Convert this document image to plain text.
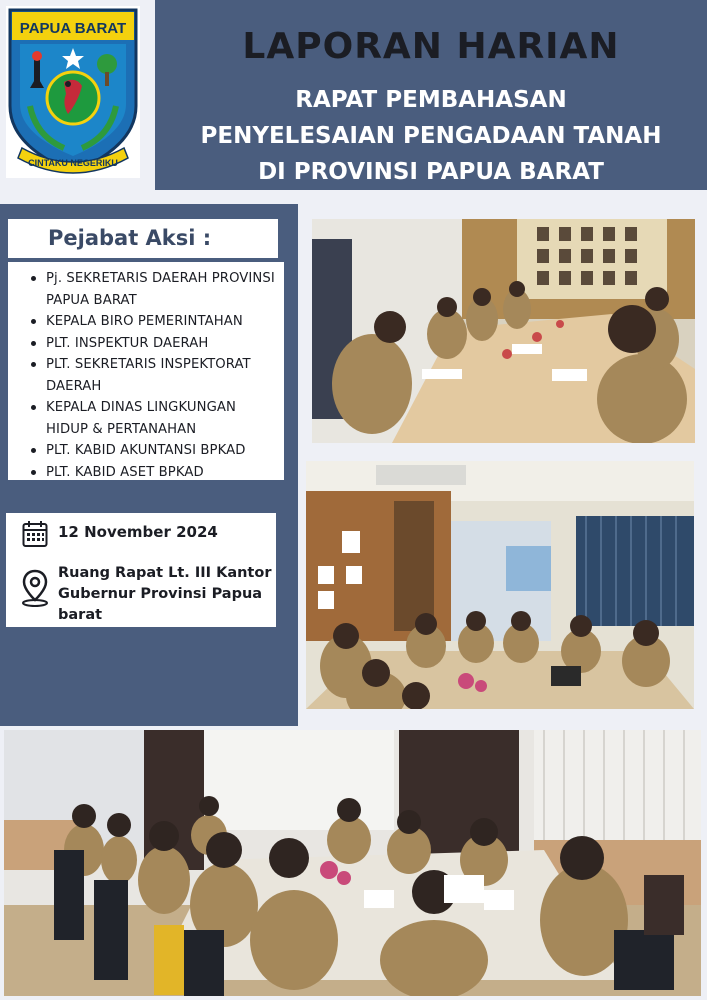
PAPUA BARAT
CINTAKU NEGERIKU
LAPORAN HARIAN
RAPAT PEMBAHASAN
PENYELESAIAN PENGADAAN TANAH
DI PROVINSI PAPUA BARAT
Pejabat Aksi :
Pj. SEKRETARIS DAERAH PROVINSI PAPUA BARAT
KEPALA BIRO PEMERINTAHAN
PLT. INSPEKTUR DAERAH
PLT. SEKRETARIS INSPEKTORAT DAERAH
KEPALA DINAS LINGKUNGAN HIDUP & PERTANAHAN
PLT. KABID AKUNTANSI BPKAD
PLT. KABID ASET BPKAD
12 November 2024
Ruang Rapat Lt. III Kantor Gubernur Provinsi Papua barat
